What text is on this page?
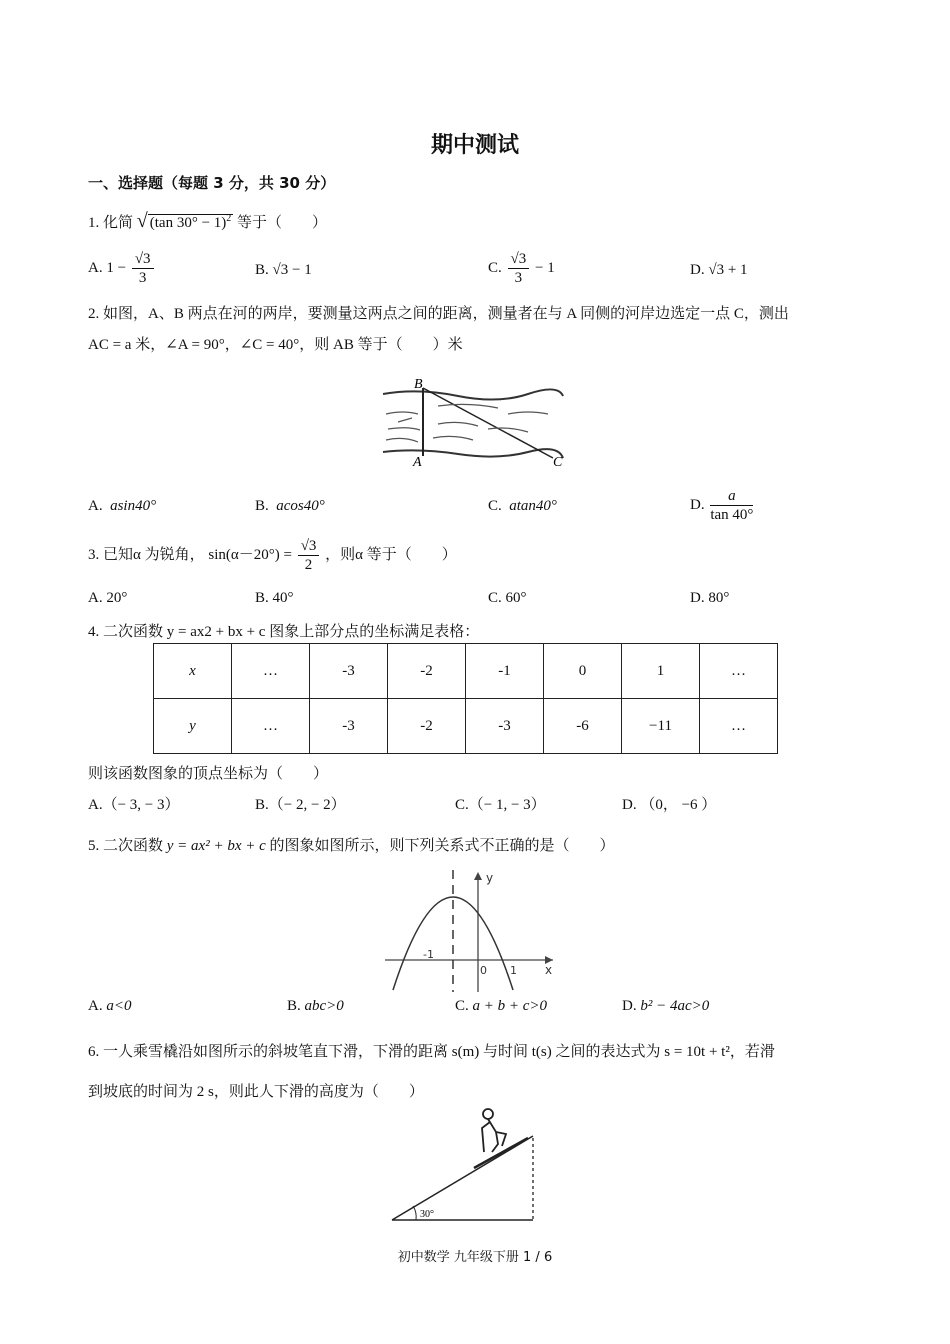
期中测试
一、选择题（每题 3 分，共 30 分）
1. 化简 √ (tan 30° − 1)$^2$ 等于（　　）
A. $1 - \frac{√3}{3}$	B. √3 − 1	C. $\frac{√3}{3} - 1$	D. √3 + 1
2. 如图，A、B 两点在河的两岸，要测量这两点之间的距离，测量者在与 A 同侧的河岸边选定一点 C，测出
AC = a 米，∠A = 90°，∠C = 40°，则 AB 等于（　　）米
B
A	C
A. asin40°	B. acos40°	C. atan40°	D. $\frac{a}{\tan 40^\circ}$
3. 已知α 为锐角， $\sin(\alpha-20^\circ) = \frac{√3}{2}$ ，则α 等于（　　）
A. 20°	B. 40°	C. 60°	D. 80°
4. 二次函数 y = ax2 + bx + c 图象上部分点的坐标满足表格：
x	…	-3	-2	-1	0	1	…
y	…	-3	-2	-3	-6	−11	…
则该函数图象的顶点坐标为（　　）
A.（− 3, − 3）	B.（− 2, − 2）	C.（− 1, − 3）	D. （0， −6 ）
5. 二次函数 y = ax² + bx + c 的图象如图所示，则下列关系式不正确的是（　　）
y
x
-1
0 1
A. a<0	B. abc>0	C. a + b + c>0	D. b² − 4ac>0
6. 一人乘雪橇沿如图所示的斜坡笔直下滑，下滑的距离 s(m) 与时间 t(s) 之间的表达式为 s = 10t + t²，若滑
到坡底的时间为 2 s，则此人下滑的高度为（　　）
30°
初中数学 九年级下册 1 / 6
